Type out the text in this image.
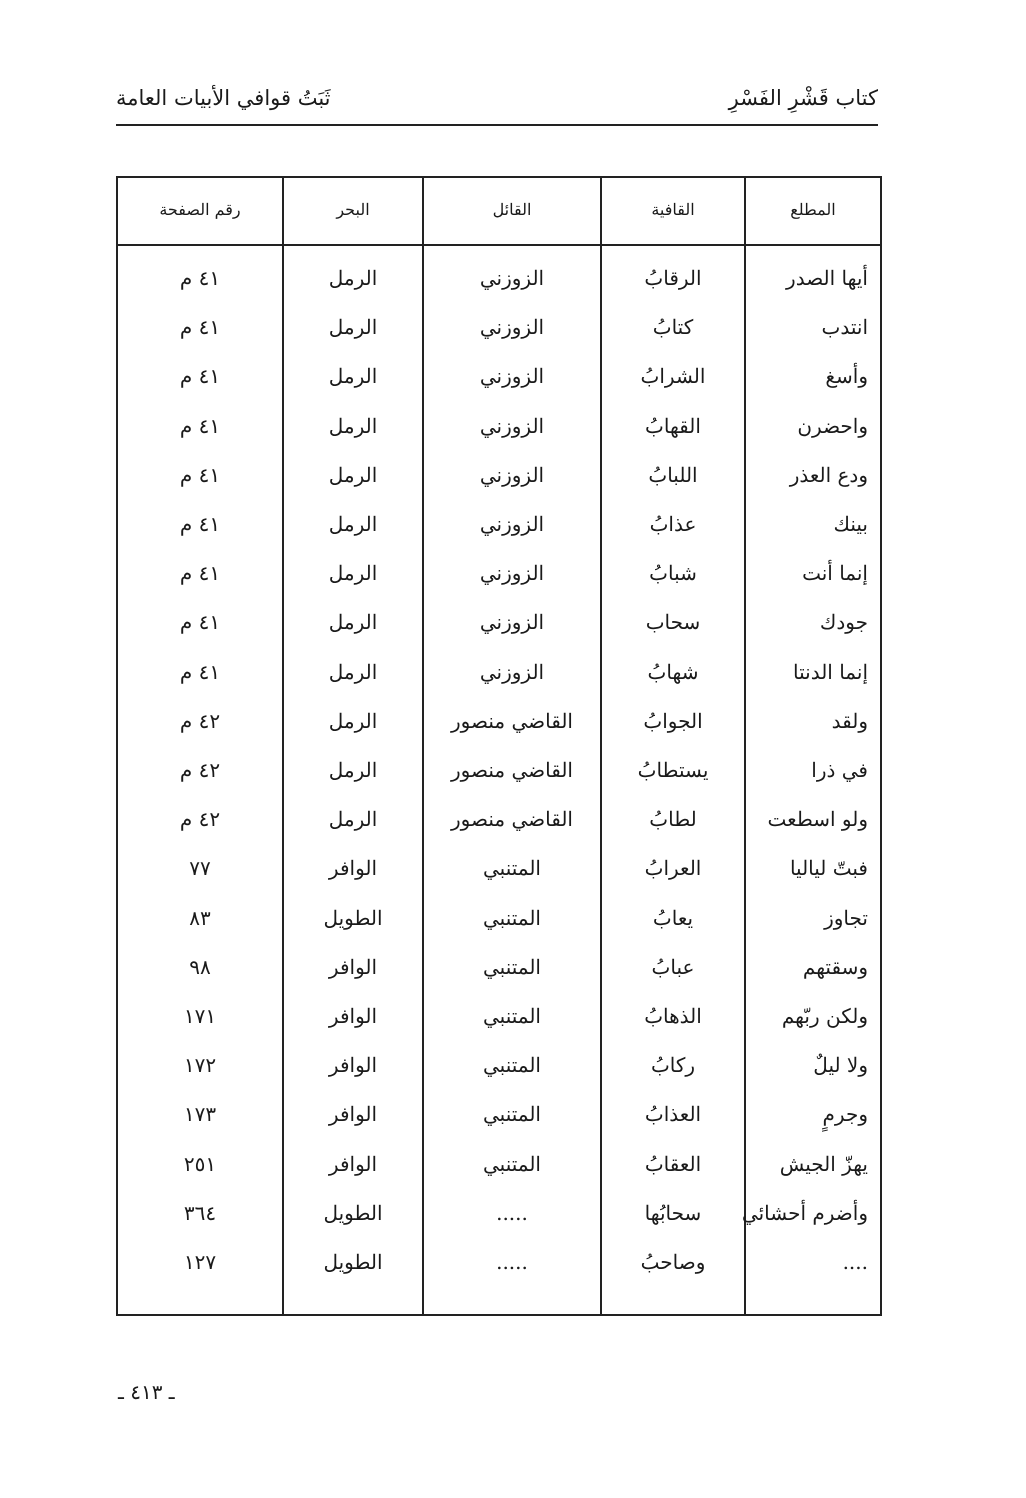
كتاب قَشْرِ الفَسْرِ
ثَبَتُ قوافي الأبيات العامة
المطلع
القافية
القائل
البحر
رقم الصفحة
أيها الصدر
الرقابُ
الزوزني
الرمل
٤١ م
انتدب
كتابُ
الزوزني
الرمل
٤١ م
وأسغ
الشرابُ
الزوزني
الرمل
٤١ م
واحضرن
القهابُ
الزوزني
الرمل
٤١ م
ودع العذر
اللبابُ
الزوزني
الرمل
٤١ م
بينك
عذابُ
الزوزني
الرمل
٤١ م
إنما أنت
شبابُ
الزوزني
الرمل
٤١ م
جودك
سحاب
الزوزني
الرمل
٤١ م
إنما الدنتا
شهابُ
الزوزني
الرمل
٤١ م
ولقد
الجوابُ
القاضي منصور
الرمل
٤٢ م
في ذرا
يستطابُ
القاضي منصور
الرمل
٤٢ م
ولو اسطعت
لطابُ
القاضي منصور
الرمل
٤٢ م
فبتّ لياليا
العرابُ
المتنبي
الوافر
٧٧
تجاوز
يعابُ
المتنبي
الطويل
٨٣
وسقتهم
عبابُ
المتنبي
الوافر
٩٨
ولكن ربّهم
الذهابُ
المتنبي
الوافر
١٧١
ولا ليلٌ
ركابُ
المتنبي
الوافر
١٧٢
وجرمٍ
العذابُ
المتنبي
الوافر
١٧٣
يهزّ الجيش
العقابُ
المتنبي
الوافر
٢٥١
وأضرم أحشائي
سحابُها
.....
الطويل
٣٦٤
....
وصاحبُ
.....
الطويل
١٢٧
ـ ٤١٣ ـ
